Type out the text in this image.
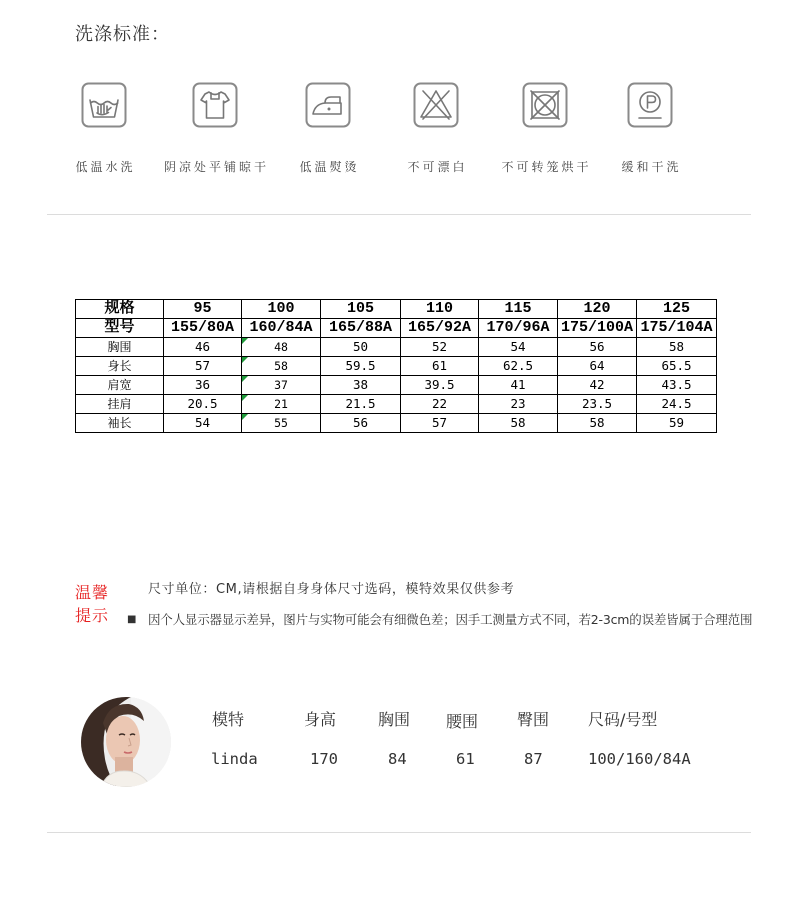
洗涤标准：
低温水洗	阴凉处平铺晾干	低温熨烫	不可漂白	不可转笼烘干	缓和干洗
规格	95	100	105	110	115	120	125
型号	155/80A	160/84A	165/88A	165/92A	170/96A	175/100A	175/104A
胸围	46	48	50	52	54	56	58
身长	57	58	59.5	61	62.5	64	65.5
肩宽	36	37	38	39.5	41	42	43.5
挂肩	20.5	21	21.5	22	23	23.5	24.5
袖长	54	55	56	57	58	58	59
温馨
提示
尺寸单位：CM,请根据自身身体尺寸选码，模特效果仅供参考
■ 因个人显示器显示差异，图片与实物可能会有细微色差；因手工测量方式不同，若2-3cm的误差皆属于合理范围
模特	身高	胸围 腰围 臀围 尺码/号型
linda	170	84	61	87	100/160/84A
